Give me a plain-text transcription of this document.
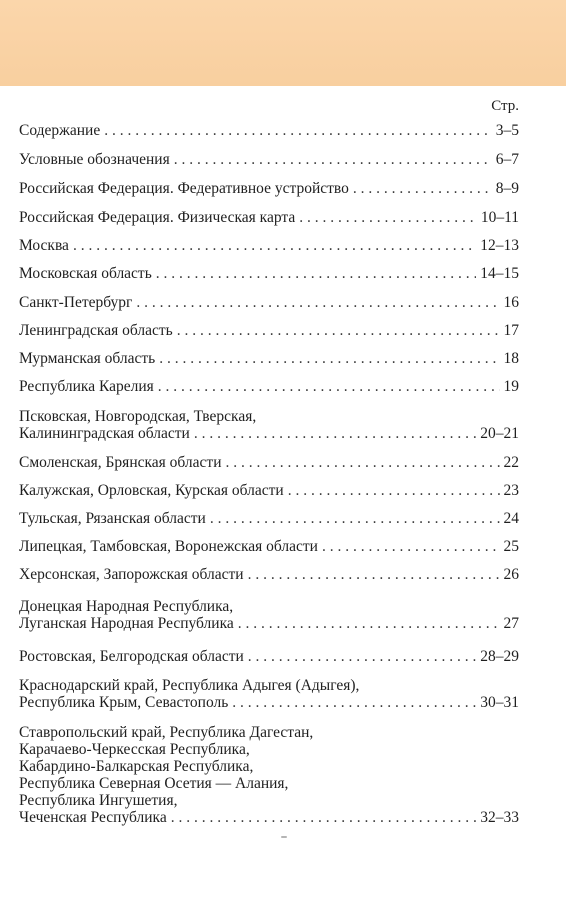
Стр.
Содержание . . .	3–5
Условные обозначения . . .	6–7
Российская Федерация. Федеративное устройство . . .	8–9
Российская Федерация. Физическая карта . . .	10–11
Москва . . .	12–13
Московская область . . .	14–15
Санкт-Петербург . . .	16
Ленинградская область . . .	17
Мурманская область . . .	18
Республика Карелия . . .	19
Псковская, Новгородская, Тверская,
Калининградская области . . .	20–21
Смоленская, Брянская области . . .	22
Калужская, Орловская, Курская области . . .	23
Тульская, Рязанская области . . .	24
Липецкая, Тамбовская, Воронежская области . . .	25
Херсонская, Запорожская области . . .	26
Донецкая Народная Республика,
Луганская Народная Республика . . .	27
Ростовская, Белгородская области . . .	28–29
Краснодарский край, Республика Адыгея (Адыгея),
Республика Крым, Севастополь . . .	30–31
Ставропольский край, Республика Дагестан,
Карачаево-Черкесская Республика,
Кабардино-Балкарская Республика,
Республика Северная Осетия — Алания,
Республика Ингушетия,
Чеченская Республика . . .	32–33
